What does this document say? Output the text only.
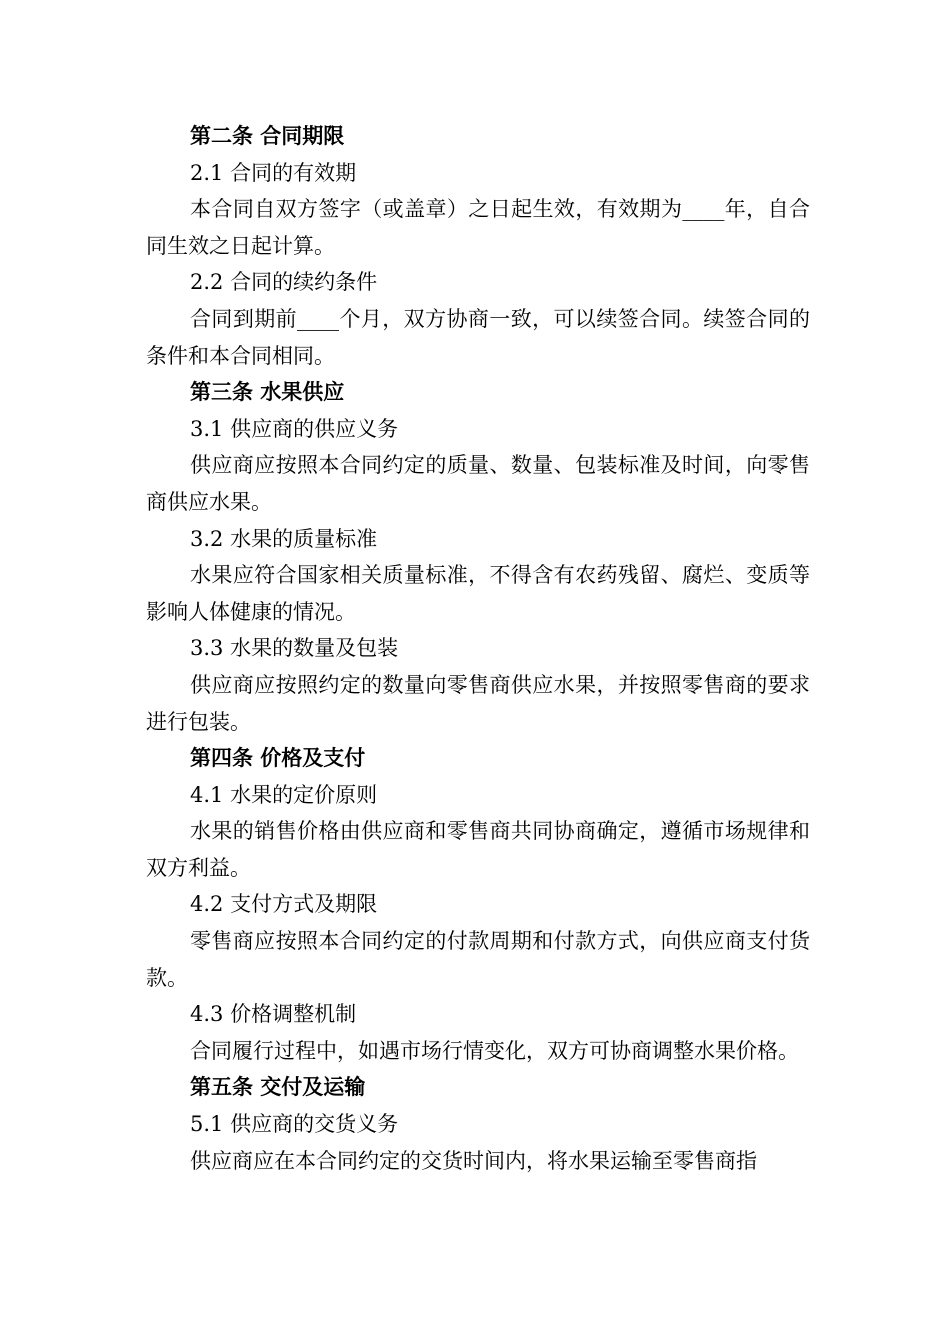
第二条 合同期限

2.1 合同的有效期

本合同自双方签字（或盖章）之日起生效，有效期为____年，自合同生效之日起计算。

2.2 合同的续约条件

合同到期前____个月，双方协商一致，可以续签合同。续签合同的条件和本合同相同。

第三条 水果供应

3.1 供应商的供应义务

供应商应按照本合同约定的质量、数量、包装标准及时间，向零售商供应水果。

3.2 水果的质量标准

水果应符合国家相关质量标准，不得含有农药残留、腐烂、变质等影响人体健康的情况。

3.3 水果的数量及包装

供应商应按照约定的数量向零售商供应水果，并按照零售商的要求进行包装。

第四条 价格及支付

4.1 水果的定价原则

水果的销售价格由供应商和零售商共同协商确定，遵循市场规律和双方利益。

4.2 支付方式及期限

零售商应按照本合同约定的付款周期和付款方式，向供应商支付货款。

4.3 价格调整机制

合同履行过程中，如遇市场行情变化，双方可协商调整水果价格。

第五条 交付及运输

5.1 供应商的交货义务

供应商应在本合同约定的交货时间内，将水果运输至零售商指
